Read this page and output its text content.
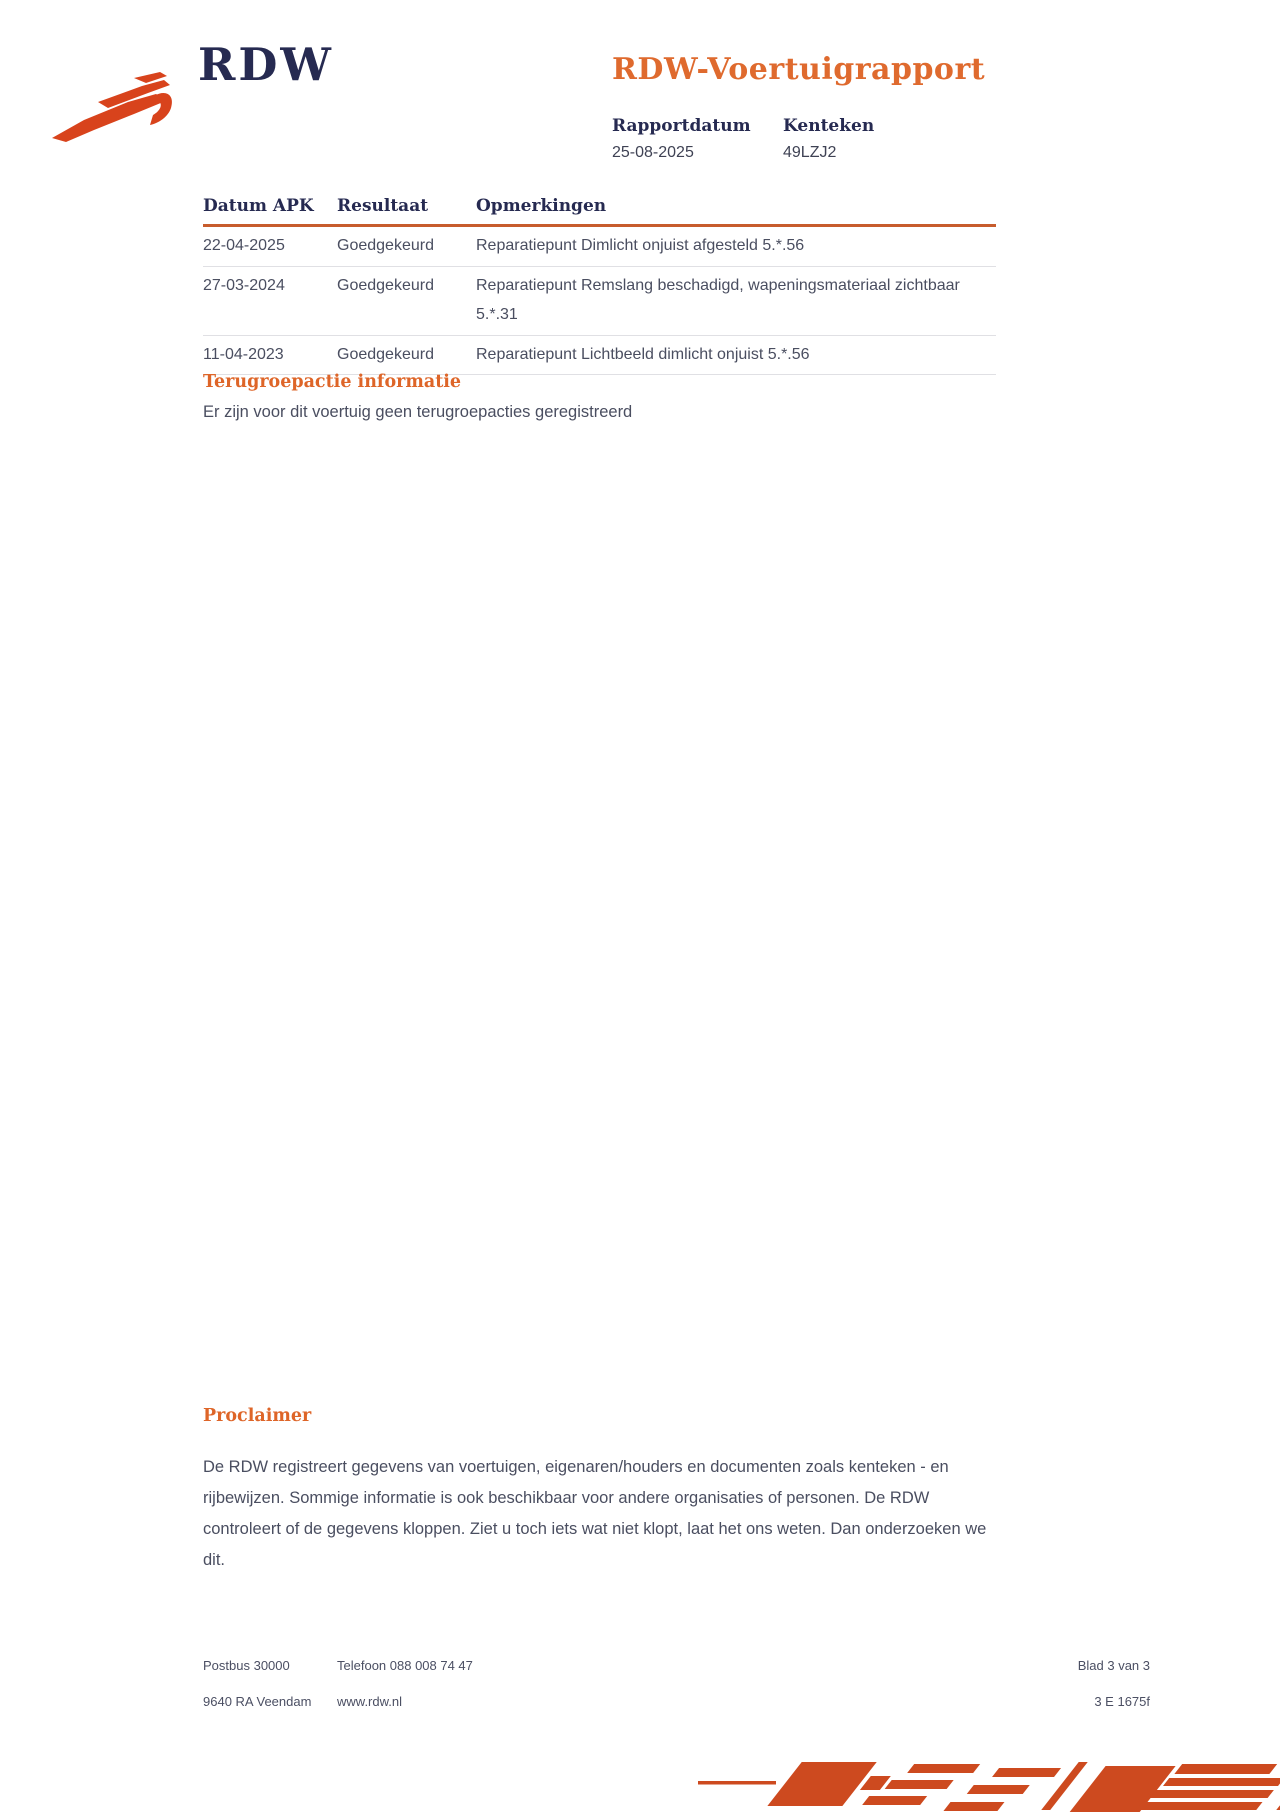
RDW	RDW-Voertuigrapport
Rapportdatum
25-08-2025
Kenteken
49LZJ2
Datum APK	Resultaat	Opmerkingen
22-04-2025	Goedgekeurd	Reparatiepunt Dimlicht onjuist afgesteld 5.*.56
27-03-2024	Goedgekeurd	Reparatiepunt Remslang beschadigd, wapeningsmateriaal zichtbaar 5.*.31
11-04-2023	Goedgekeurd	Reparatiepunt Lichtbeeld dimlicht onjuist 5.*.56
Terugroepactie informatie
Er zijn voor dit voertuig geen terugroepacties geregistreerd
Proclaimer
De RDW registreert gegevens van voertuigen, eigenaren/houders en documenten zoals kenteken - en rijbewijzen. Sommige informatie is ook beschikbaar voor andere organisaties of personen. De RDW controleert of de gegevens kloppen. Ziet u toch iets wat niet klopt, laat het ons weten. Dan onderzoeken we dit.
Postbus 30000
9640 RA Veendam
Telefoon 088 008 74 47
www.rdw.nl
Blad 3 van 3
3 E 1675f
